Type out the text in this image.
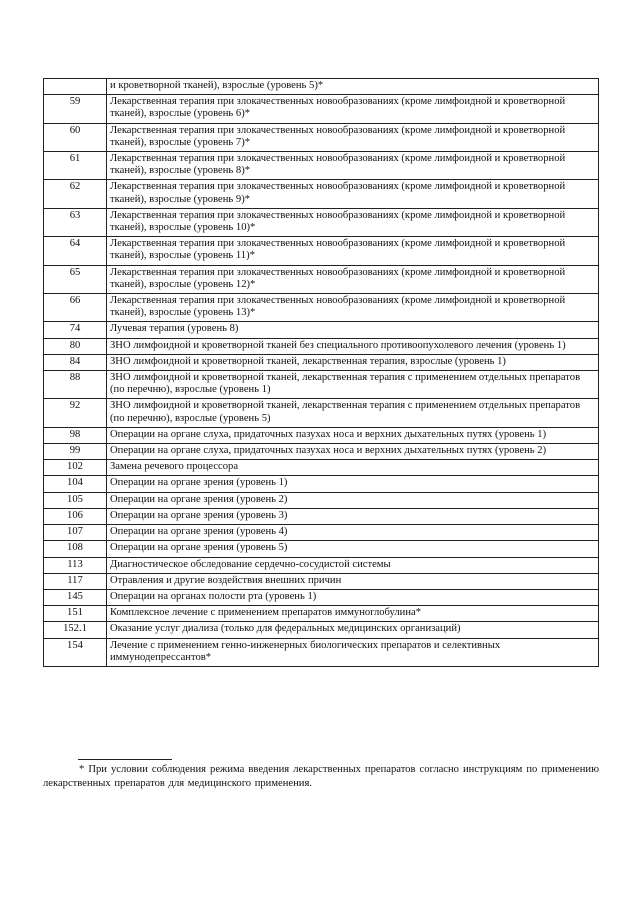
	и кроветворной тканей), взрослые (уровень 5)*
59	Лекарственная терапия при злокачественных новообразованиях (кроме лимфоидной и кроветворной тканей), взрослые (уровень 6)*
60	Лекарственная терапия при злокачественных новообразованиях (кроме лимфоидной и кроветворной тканей), взрослые (уровень 7)*
61	Лекарственная терапия при злокачественных новообразованиях (кроме лимфоидной и кроветворной тканей), взрослые (уровень 8)*
62	Лекарственная терапия при злокачественных новообразованиях (кроме лимфоидной и кроветворной тканей), взрослые (уровень 9)*
63	Лекарственная терапия при злокачественных новообразованиях (кроме лимфоидной и кроветворной тканей), взрослые (уровень 10)*
64	Лекарственная терапия при злокачественных новообразованиях (кроме лимфоидной и кроветворной тканей), взрослые (уровень 11)*
65	Лекарственная терапия при злокачественных новообразованиях (кроме лимфоидной и кроветворной тканей), взрослые (уровень 12)*
66	Лекарственная терапия при злокачественных новообразованиях (кроме лимфоидной и кроветворной тканей), взрослые (уровень 13)*
74	Лучевая терапия (уровень 8)
80	ЗНО лимфоидной и кроветворной тканей без специального противоопухолевого лечения (уровень 1)
84	ЗНО лимфоидной и кроветворной тканей, лекарственная терапия, взрослые (уровень 1)
88	ЗНО лимфоидной и кроветворной тканей, лекарственная терапия с применением отдельных препаратов (по перечню), взрослые (уровень 1)
92	ЗНО лимфоидной и кроветворной тканей, лекарственная терапия с применением отдельных препаратов (по перечню), взрослые (уровень 5)
98	Операции на органе слуха, придаточных пазухах носа и верхних дыхательных путях (уровень 1)
99	Операции на органе слуха, придаточных пазухах носа и верхних дыхательных путях (уровень 2)
102	Замена речевого процессора
104	Операции на органе зрения (уровень 1)
105	Операции на органе зрения (уровень 2)
106	Операции на органе зрения (уровень 3)
107	Операции на органе зрения (уровень 4)
108	Операции на органе зрения (уровень 5)
113	Диагностическое обследование сердечно-сосудистой системы
117	Отравления и другие воздействия внешних причин
145	Операции на органах полости рта (уровень 1)
151	Комплексное лечение с применением препаратов иммуноглобулина*
152.1	Оказание услуг диализа (только для федеральных медицинских организаций)
154	Лечение с применением генно-инженерных биологических препаратов и селективных иммунодепрессантов*

* При условии соблюдения режима введения лекарственных препаратов согласно инструкциям по применению лекарственных препаратов для медицинского применения.
